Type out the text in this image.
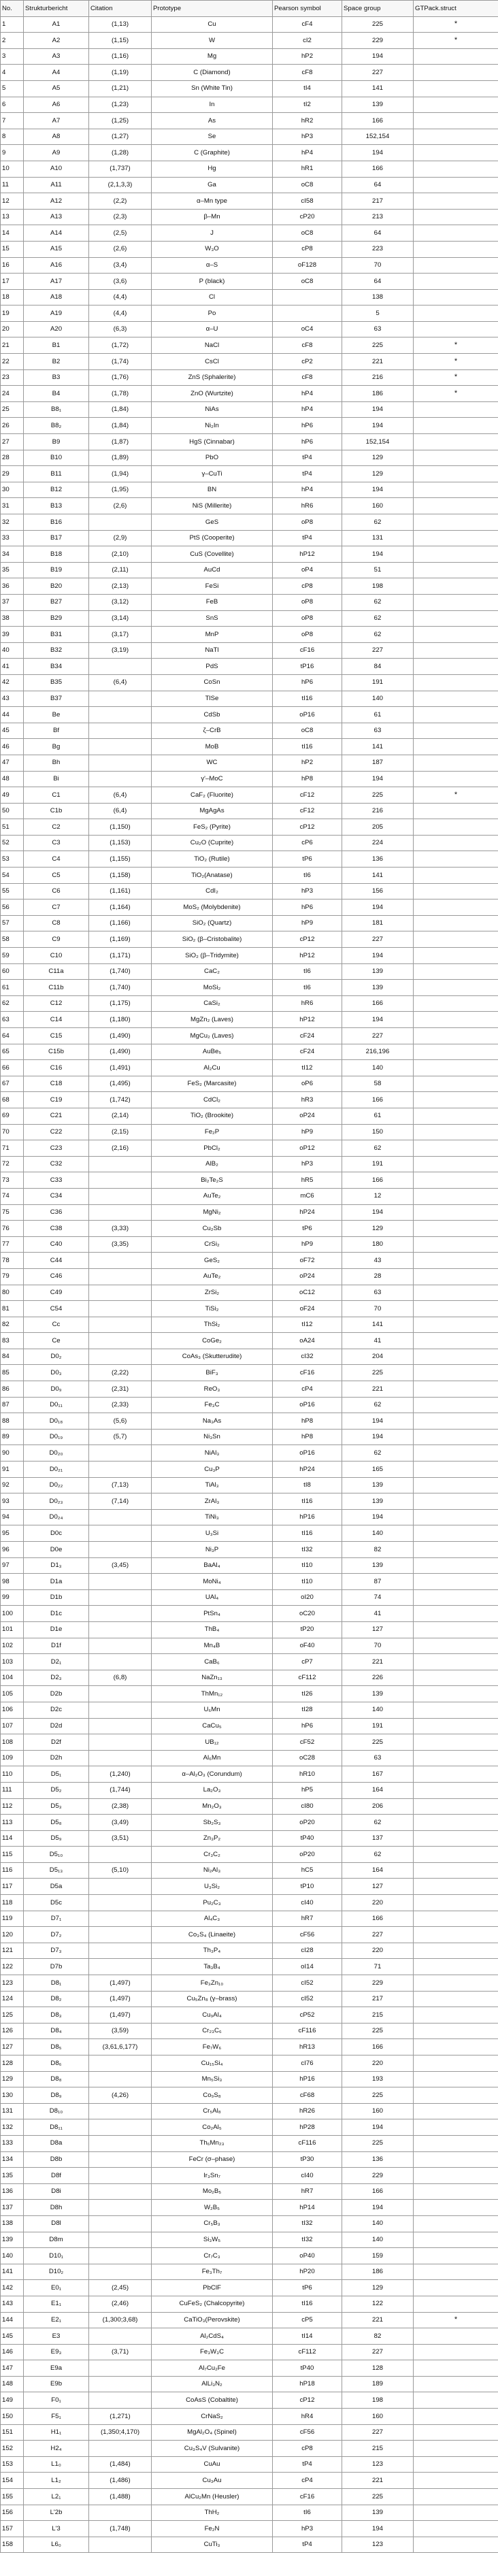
No.	Strukturbericht	Citation	Prototype	Pearson symbol	Space group	GTPack.struct
1	A1	(1,13)	Cu	cF4	225	*
2	A2	(1,15)	W	cI2	229	*
3	A3	(1,16)	Mg	hP2	194	
4	A4	(1,19)	C (Diamond)	cF8	227	
5	A5	(1,21)	Sn (White Tin)	tI4	141	
6	A6	(1,23)	In	tI2	139	
7	A7	(1,25)	As	hR2	166	
8	A8	(1,27)	Se	hP3	152,154	
9	A9	(1,28)	C (Graphite)	hP4	194	
10	A10	(1,737)	Hg	hR1	166	
11	A11	(2,1,3,3)	Ga	oC8	64	
12	A12	(2,2)	α–Mn type	cI58	217	
13	A13	(2,3)	β–Mn	cP20	213	
14	A14	(2,5)	J	oC8	64	
15	A15	(2,6)	W₃O	cP8	223	
16	A16	(3,4)	α–S	oF128	70	
17	A17	(3,6)	P (black)	oC8	64	
18	A18	(4,4)	Cl		138	
19	A19	(4,4)	Po		5	
20	A20	(6,3)	α–U	oC4	63	
21	B1	(1,72)	NaCl	cF8	225	*
22	B2	(1,74)	CsCl	cP2	221	*
23	B3	(1,76)	ZnS (Sphalerite)	cF8	216	*
24	B4	(1,78)	ZnO (Wurtzite)	hP4	186	*
25	B8₁	(1,84)	NiAs	hP4	194	
26	B8₂	(1,84)	Ni₂In	hP6	194	
27	B9	(1,87)	HgS (Cinnabar)	hP6	152,154	
28	B10	(1,89)	PbO	tP4	129	
29	B11	(1,94)	γ–CuTi	tP4	129	
30	B12	(1,95)	BN	hP4	194	
31	B13	(2,6)	NiS (Millerite)	hR6	160	
32	B16		GeS	oP8	62	
33	B17	(2,9)	PtS (Cooperite)	tP4	131	
34	B18	(2,10)	CuS (Covellite)	hP12	194	
35	B19	(2,11)	AuCd	oP4	51	
36	B20	(2,13)	FeSi	cP8	198	
37	B27	(3,12)	FeB	oP8	62	
38	B29	(3,14)	SnS	oP8	62	
39	B31	(3,17)	MnP	oP8	62	
40	B32	(3,19)	NaTl	cF16	227	
41	B34		PdS	tP16	84	
42	B35	(6,4)	CoSn	hP6	191	
43	B37		TlSe	tI16	140	
44	Be		CdSb	oP16	61	
45	Bf		ζ–CrB	oC8	63	
46	Bg		MoB	tI16	141	
47	Bh		WC	hP2	187	
48	Bi		γ'–MoC	hP8	194	
49	C1	(6,4)	CaF₂ (Fluorite)	cF12	225	*
50	C1b	(6,4)	MgAgAs	cF12	216	
51	C2	(1,150)	FeS₂ (Pyrite)	cP12	205	
52	C3	(1,153)	Cu₂O (Cuprite)	cP6	224	
53	C4	(1,155)	TiO₂ (Rutile)	tP6	136	
54	C5	(1,158)	TiO₂(Anatase)	tI6	141	
55	C6	(1,161)	CdI₂	hP3	156	
56	C7	(1,164)	MoS₂ (Molybdenite)	hP6	194	
57	C8	(1,166)	SiO₂ (Quartz)	hP9	181	
58	C9	(1,169)	SiO₂ (β–Cristobalite)	cP12	227	
59	C10	(1,171)	SiO₂ (β–Tridymite)	hP12	194	
60	C11a	(1,740)	CaC₂	tI6	139	
61	C11b	(1,740)	MoSi₂	tI6	139	
62	C12	(1,175)	CaSi₂	hR6	166	
63	C14	(1,180)	MgZn₂ (Laves)	hP12	194	
64	C15	(1,490)	MgCu₂ (Laves)	cF24	227	
65	C15b	(1,490)	AuBe₅	cF24	216,196	
66	C16	(1,491)	Al₂Cu	tI12	140	
67	C18	(1,495)	FeS₂ (Marcasite)	oP6	58	
68	C19	(1,742)	CdCl₂	hR3	166	
69	C21	(2,14)	TiO₂ (Brookite)	oP24	61	
70	C22	(2,15)	Fe₂P	hP9	150	
71	C23	(2,16)	PbCl₂	oP12	62	
72	C32		AlB₂	hP3	191	
73	C33		Bi₂Te₂S	hR5	166	
74	C34		AuTe₂	mC6	12	
75	C36		MgNi₂	hP24	194	
76	C38	(3,33)	Cu₂Sb	tP6	129	
77	C40	(3,35)	CrSi₂	hP9	180	
78	C44		GeS₂	oF72	43	
79	C46		AuTe₂	oP24	28	
80	C49		ZrSi₂	oC12	63	
81	C54		TiSi₂	oF24	70	
82	Cc		ThSi₂	tI12	141	
83	Ce		CoGe₂	oA24	41	
84	D0₂		CoAs₃ (Skutterudite)	cI32	204	
85	D0₃	(2,22)	BiF₃	cF16	225	
86	D0₉	(2,31)	ReO₃	cP4	221	
87	D0₁₁	(2,33)	Fe₃C	oP16	62	
88	D0₁₈	(5,6)	Na₃As	hP8	194	
89	D0₁₉	(5,7)	Ni₃Sn	hP8	194	
90	D0₂₀		NiAl₃	oP16	62	
91	D0₂₁		Cu₃P	hP24	165	
92	D0₂₂	(7,13)	TiAl₃	tI8	139	
93	D0₂₃	(7,14)	ZrAl₃	tI16	139	
94	D0₂₄		TiNi₃	hP16	194	
95	D0c		U₃Si	tI16	140	
96	D0e		Ni₃P	tI32	82	
97	D1₃	(3,45)	BaAl₄	tI10	139	
98	D1a		MoNi₄	tI10	87	
99	D1b		UAl₄	oI20	74	
100	D1c		PtSn₄	oC20	41	
101	D1e		ThB₄	tP20	127	
102	D1f		Mn₄B	oF40	70	
103	D2₁		CaB₆	cP7	221	
104	D2₃	(6,8)	NaZn₁₃	cF112	226	
105	D2b		ThMn₁₂	tI26	139	
106	D2c		U₆Mn	tI28	140	
107	D2d		CaCu₅	hP6	191	
108	D2f		UB₁₂	cF52	225	
109	D2h		Al₆Mn	oC28	63	
110	D5₁	(1,240)	α–Al₂O₃ (Corundum)	hR10	167	
111	D5₂	(1,744)	La₂O₃	hP5	164	
112	D5₃	(2,38)	Mn₂O₃	cI80	206	
113	D5₈	(3,49)	Sb₂S₃	oP20	62	
114	D5₉	(3,51)	Zn₃P₂	tP40	137	
115	D5₁₀		Cr₃C₂	oP20	62	
116	D5₁₃	(5,10)	Ni₂Al₃	hC5	164	
117	D5a		U₃Si₂	tP10	127	
118	D5c		Pu₂C₃	cI40	220	
119	D7₁		Al₄C₃	hR7	166	
120	D7₂		Co₃S₄ (Linaeite)	cF56	227	
121	D7₃		Th₃P₄	cI28	220	
122	D7b		Ta₃B₄	oI14	71	
123	D8₁	(1,497)	Fe₃Zn₁₀	cI52	229	
124	D8₂	(1,497)	Cu₅Zn₈ (γ–brass)	cI52	217	
125	D8₃	(1,497)	Cu₉Al₄	cP52	215	
126	D8₄	(3,59)	Cr₂₃C₆	cF116	225	
127	D8₅	(3,61,6,177)	Fe₇W₆	hR13	166	
128	D8₆		Cu₁₅Si₄	cI76	220	
129	D8₈		Mn₅Si₃	hP16	193	
130	D8₉	(4,26)	Co₉S₈	cF68	225	
131	D8₁₀		Cr₅Al₈	hR26	160	
132	D8₁₁		Co₂Al₅	hP28	194	
133	D8a		Th₆Mn₂₃	cF116	225	
134	D8b		FeCr (σ–phase)	tP30	136	
135	D8f		Ir₃Sn₇	cI40	229	
136	D8i		Mo₂B₅	hR7	166	
137	D8h		W₂B₅	hP14	194	
138	D8l		Cr₅B₃	tI32	140	
139	D8m		Si₃W₅	tI32	140	
140	D10₁		Cr₇C₃	oP40	159	
141	D10₂		Fe₃Th₇	hP20	186	
142	E0₁	(2,45)	PbClF	tP6	129	
143	E1₁	(2,46)	CuFeS₂ (Chalcopyrite)	tI16	122	
144	E2₁	(1,300;3,68)	CaTiO₃(Perovskite)	cP5	221	*
145	E3		Al₂CdS₄	tI14	82	
146	E9₃	(3,71)	Fe₃W₃C	cF112	227	
147	E9a		Al₇Cu₂Fe	tP40	128	
148	E9b		AlLi₃N₂	hP18	189	
149	F0₁		CoAsS (Cobaltite)	cP12	198	
150	F5₁	(1,271)	CrNaS₂	hR4	160	
151	H1₁	(1,350;4,170)	MgAl₂O₄ (Spinel)	cF56	227	
152	H2₄		Cu₃S₄V (Sulvanite)	cP8	215	
153	L1₀	(1,484)	CuAu	tP4	123	
154	L1₂	(1,486)	Cu₃Au	cP4	221	
155	L2₁	(1,488)	AlCu₂Mn (Heusler)	cF16	225	
156	L'2b		ThH₂	tI6	139	
157	L'3	(1,748)	Fe₂N	hP3	194	
158	L6₀		CuTi₃	tP4	123	
